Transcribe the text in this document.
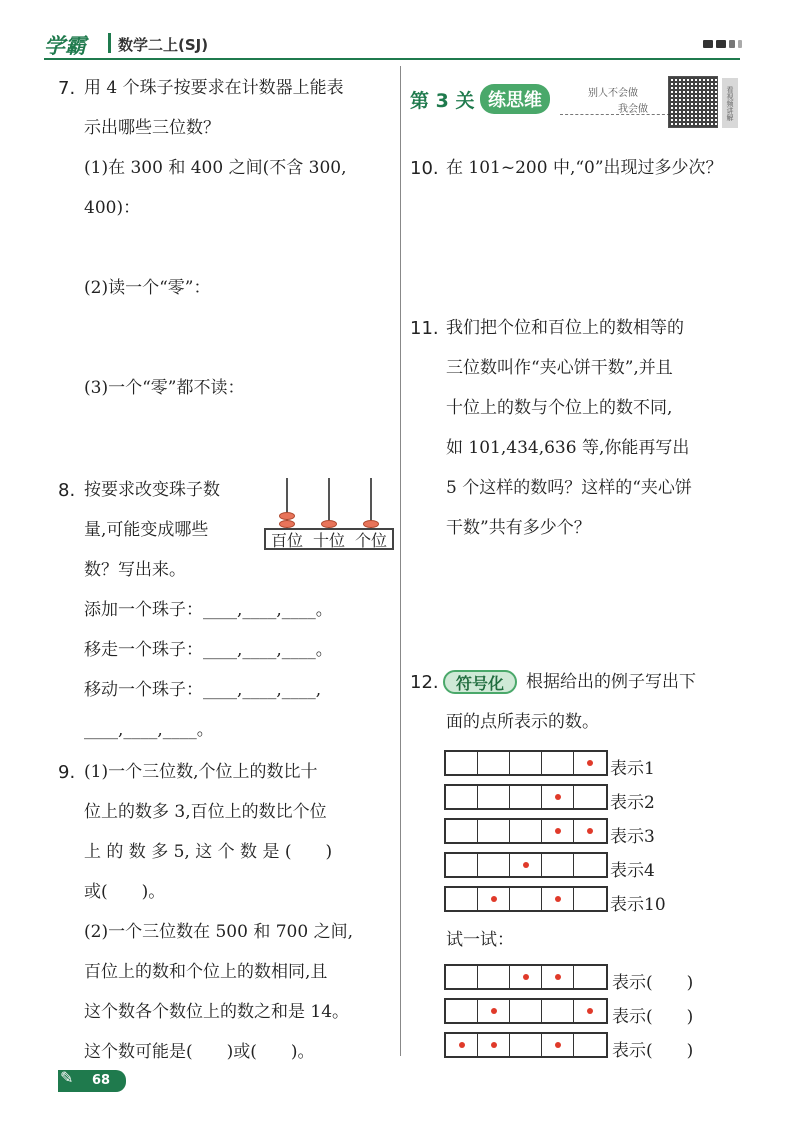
学霸 数学二上(SJ)
7. 用 4 个珠子按要求在计数器上能表
示出哪些三位数？
(1)在 300 和 400 之间(不含 300,
400)：
(2)读一个“零”：
(3)一个“零”都不读：
8. 按要求改变珠子数
量,可能变成哪些
数？写出来。
百位 十位 个位
添加一个珠子：____,____,____。
移走一个珠子：____,____,____。
移动一个珠子：____,____,____,
____,____,____。
9. (1)一个三位数,个位上的数比十
位上的数多 3,百位上的数比个位
上 的 数 多 5, 这 个 数 是 (　　)
或(　　)。
(2)一个三位数在 500 和 700 之间,
百位上的数和个位上的数相同,且
这个数各个数位上的数之和是 14。
这个数可能是(　　)或(　　)。
第 3 关 练思维	别人不会做
我会做	看视频讲解
10. 在 101~200 中,“0”出现过多少次？
11. 我们把个位和百位上的数相等的
三位数叫作“夹心饼干数”,并且
十位上的数与个位上的数不同,
如 101,434,636 等,你能再写出
5 个这样的数吗？这样的“夹心饼
干数”共有多少个？
12.	符号化	根据给出的例子写出下
面的点所表示的数。
表示1
表示2
表示3
表示4
表示10
试一试：
表示(　　)
表示(　　)
表示(　　)
✎ 68
